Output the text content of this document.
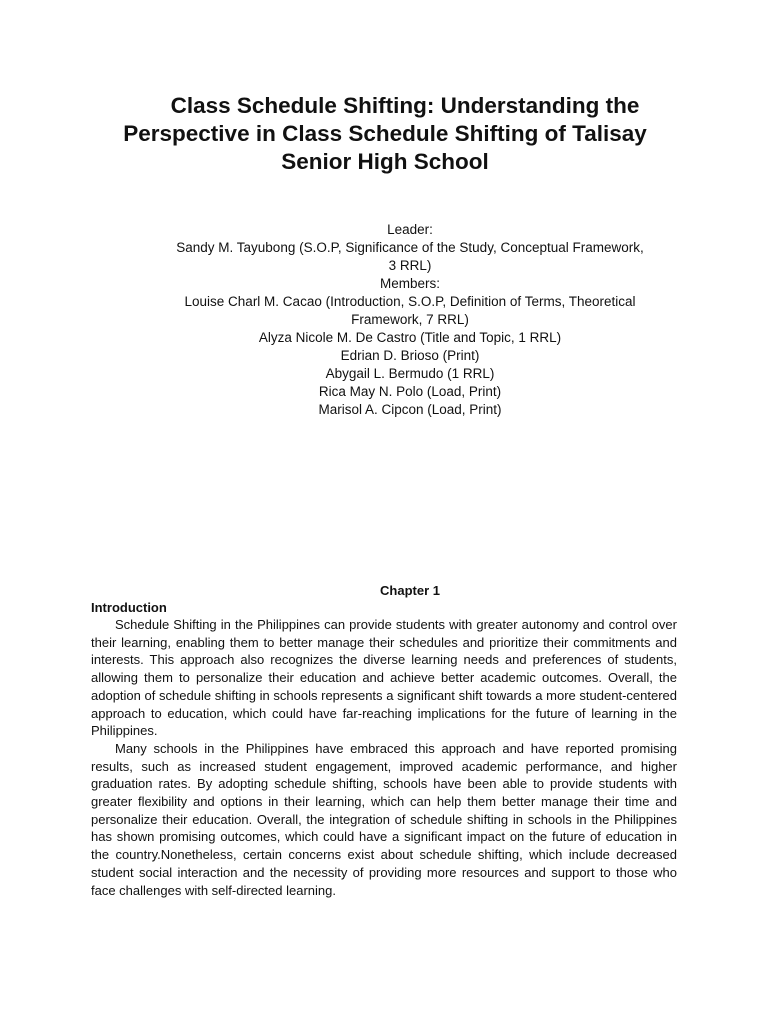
Class Schedule Shifting: Understanding the
Perspective in Class Schedule Shifting of Talisay
Senior High School
Leader:
Sandy M. Tayubong (S.O.P, Significance of the Study, Conceptual Framework,
3 RRL)
Members:
Louise Charl M. Cacao (Introduction, S.O.P, Definition of Terms, Theoretical
Framework, 7 RRL)
Alyza Nicole M. De Castro (Title and Topic, 1 RRL)
Edrian D. Brioso (Print)
Abygail L. Bermudo (1 RRL)
Rica May N. Polo (Load, Print)
Marisol A. Cipcon (Load, Print)
Chapter 1
Introduction

Schedule Shifting in the Philippines can provide students with greater autonomy and control over their learning, enabling them to better manage their schedules and prioritize their commitments and interests. This approach also recognizes the diverse learning needs and preferences of students, allowing them to personalize their education and achieve better academic outcomes. Overall, the adoption of schedule shifting in schools represents a significant shift towards a more student-centered approach to education, which could have far-reaching implications for the future of learning in the Philippines.

Many schools in the Philippines have embraced this approach and have reported promising results, such as increased student engagement, improved academic performance, and higher graduation rates. By adopting schedule shifting, schools have been able to provide students with greater flexibility and options in their learning, which can help them better manage their time and personalize their education. Overall, the integration of schedule shifting in schools in the Philippines has shown promising outcomes, which could have a significant impact on the future of education in the country.Nonetheless, certain concerns exist about schedule shifting, which include decreased student social interaction and the necessity of providing more resources and support to those who face challenges with self-directed learning.
